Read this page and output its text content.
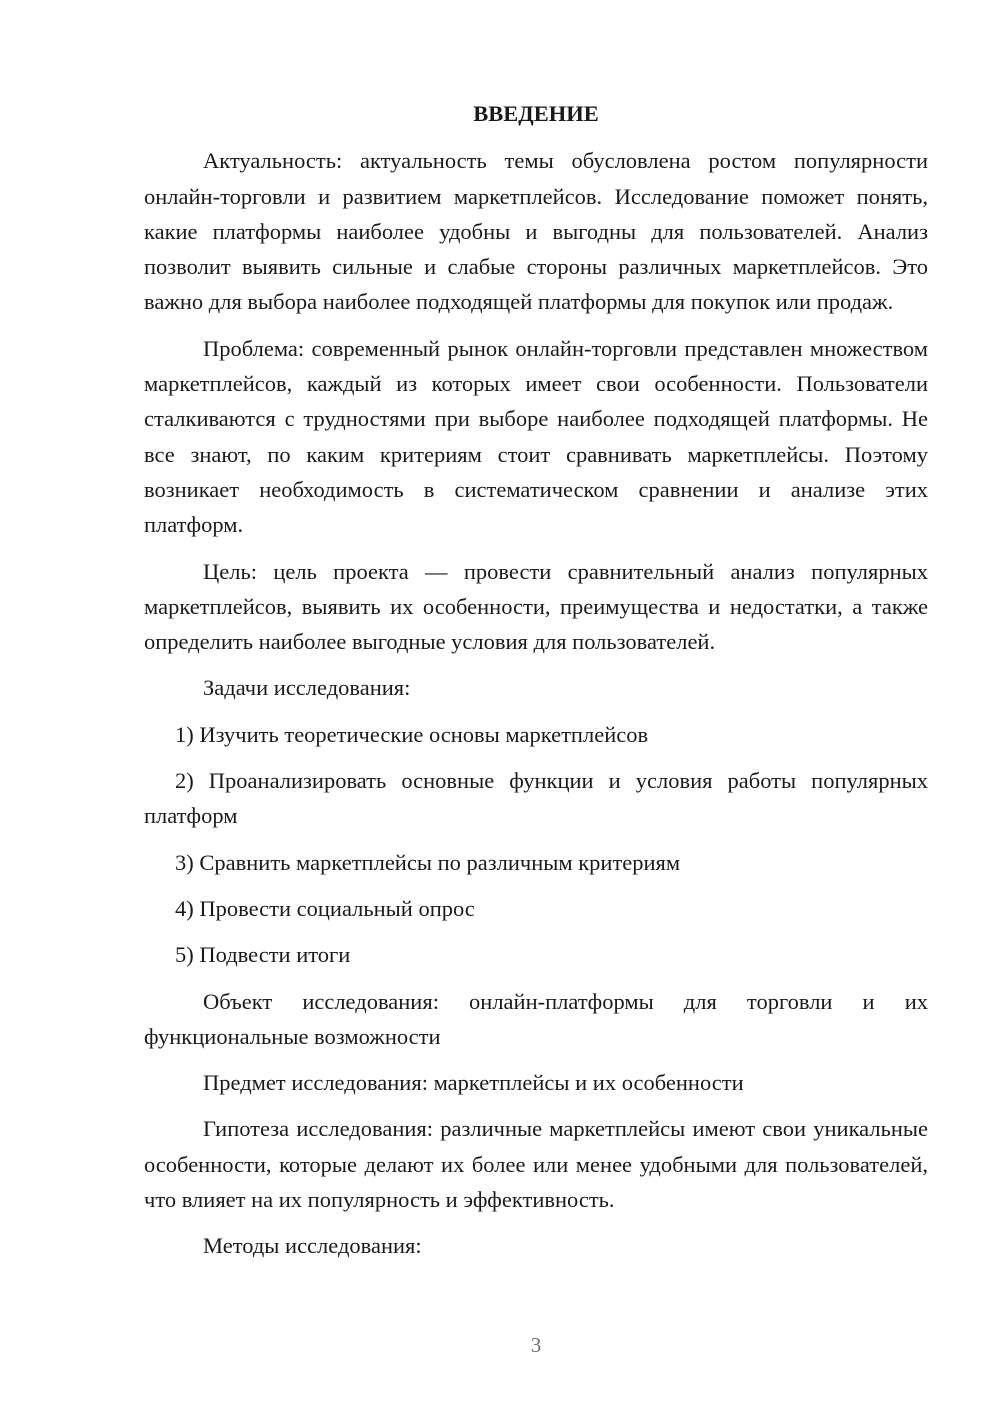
ВВЕДЕНИЕ

Актуальность: актуальность темы обусловлена ростом популярности онлайн-торговли и развитием маркетплейсов. Исследование поможет понять, какие платформы наиболее удобны и выгодны для пользователей. Анализ позволит выявить сильные и слабые стороны различных маркетплейсов. Это важно для выбора наиболее подходящей платформы для покупок или продаж.

Проблема: современный рынок онлайн-торговли представлен множеством маркетплейсов, каждый из которых имеет свои особенности. Пользователи сталкиваются с трудностями при выборе наиболее подходящей платформы. Не все знают, по каким критериям стоит сравнивать маркетплейсы. Поэтому возникает необходимость в систематическом сравнении и анализе этих платформ.

Цель: цель проекта — провести сравнительный анализ популярных маркетплейсов, выявить их особенности, преимущества и недостатки, а также определить наиболее выгодные условия для пользователей.

Задачи исследования:

1) Изучить теоретические основы маркетплейсов

2) Проанализировать основные функции и условия работы популярных платформ

3) Сравнить маркетплейсы по различным критериям

4) Провести социальный опрос

5) Подвести итоги

Объект исследования: онлайн-платформы для торговли и их функциональные возможности

Предмет исследования: маркетплейсы и их особенности

Гипотеза исследования: различные маркетплейсы имеют свои уникальные особенности, которые делают их более или менее удобными для пользователей, что влияет на их популярность и эффективность.

Методы исследования:

3
